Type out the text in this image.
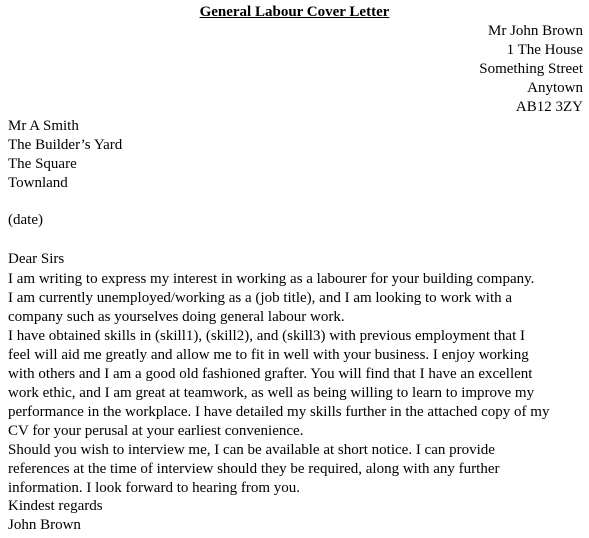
General Labour Cover Letter
Mr John Brown
1 The House
Something Street
Anytown
AB12 3ZY
Mr A Smith
The Builder’s Yard
The Square
Townland
(date)
Dear Sirs
I am writing to express my interest in working as a labourer for your building company.
I am currently unemployed/working as a (job title), and I am looking to work with a
company such as yourselves doing general labour work.
I have obtained skills in (skill1), (skill2), and (skill3) with previous employment that I
feel will aid me greatly and allow me to fit in well with your business. I enjoy working
with others and I am a good old fashioned grafter. You will find that I have an excellent
work ethic, and I am great at teamwork, as well as being willing to learn to improve my
performance in the workplace. I have detailed my skills further in the attached copy of my
CV for your perusal at your earliest convenience.
Should you wish to interview me, I can be available at short notice. I can provide
references at the time of interview should they be required, along with any further
information. I look forward to hearing from you.
Kindest regards
John Brown
